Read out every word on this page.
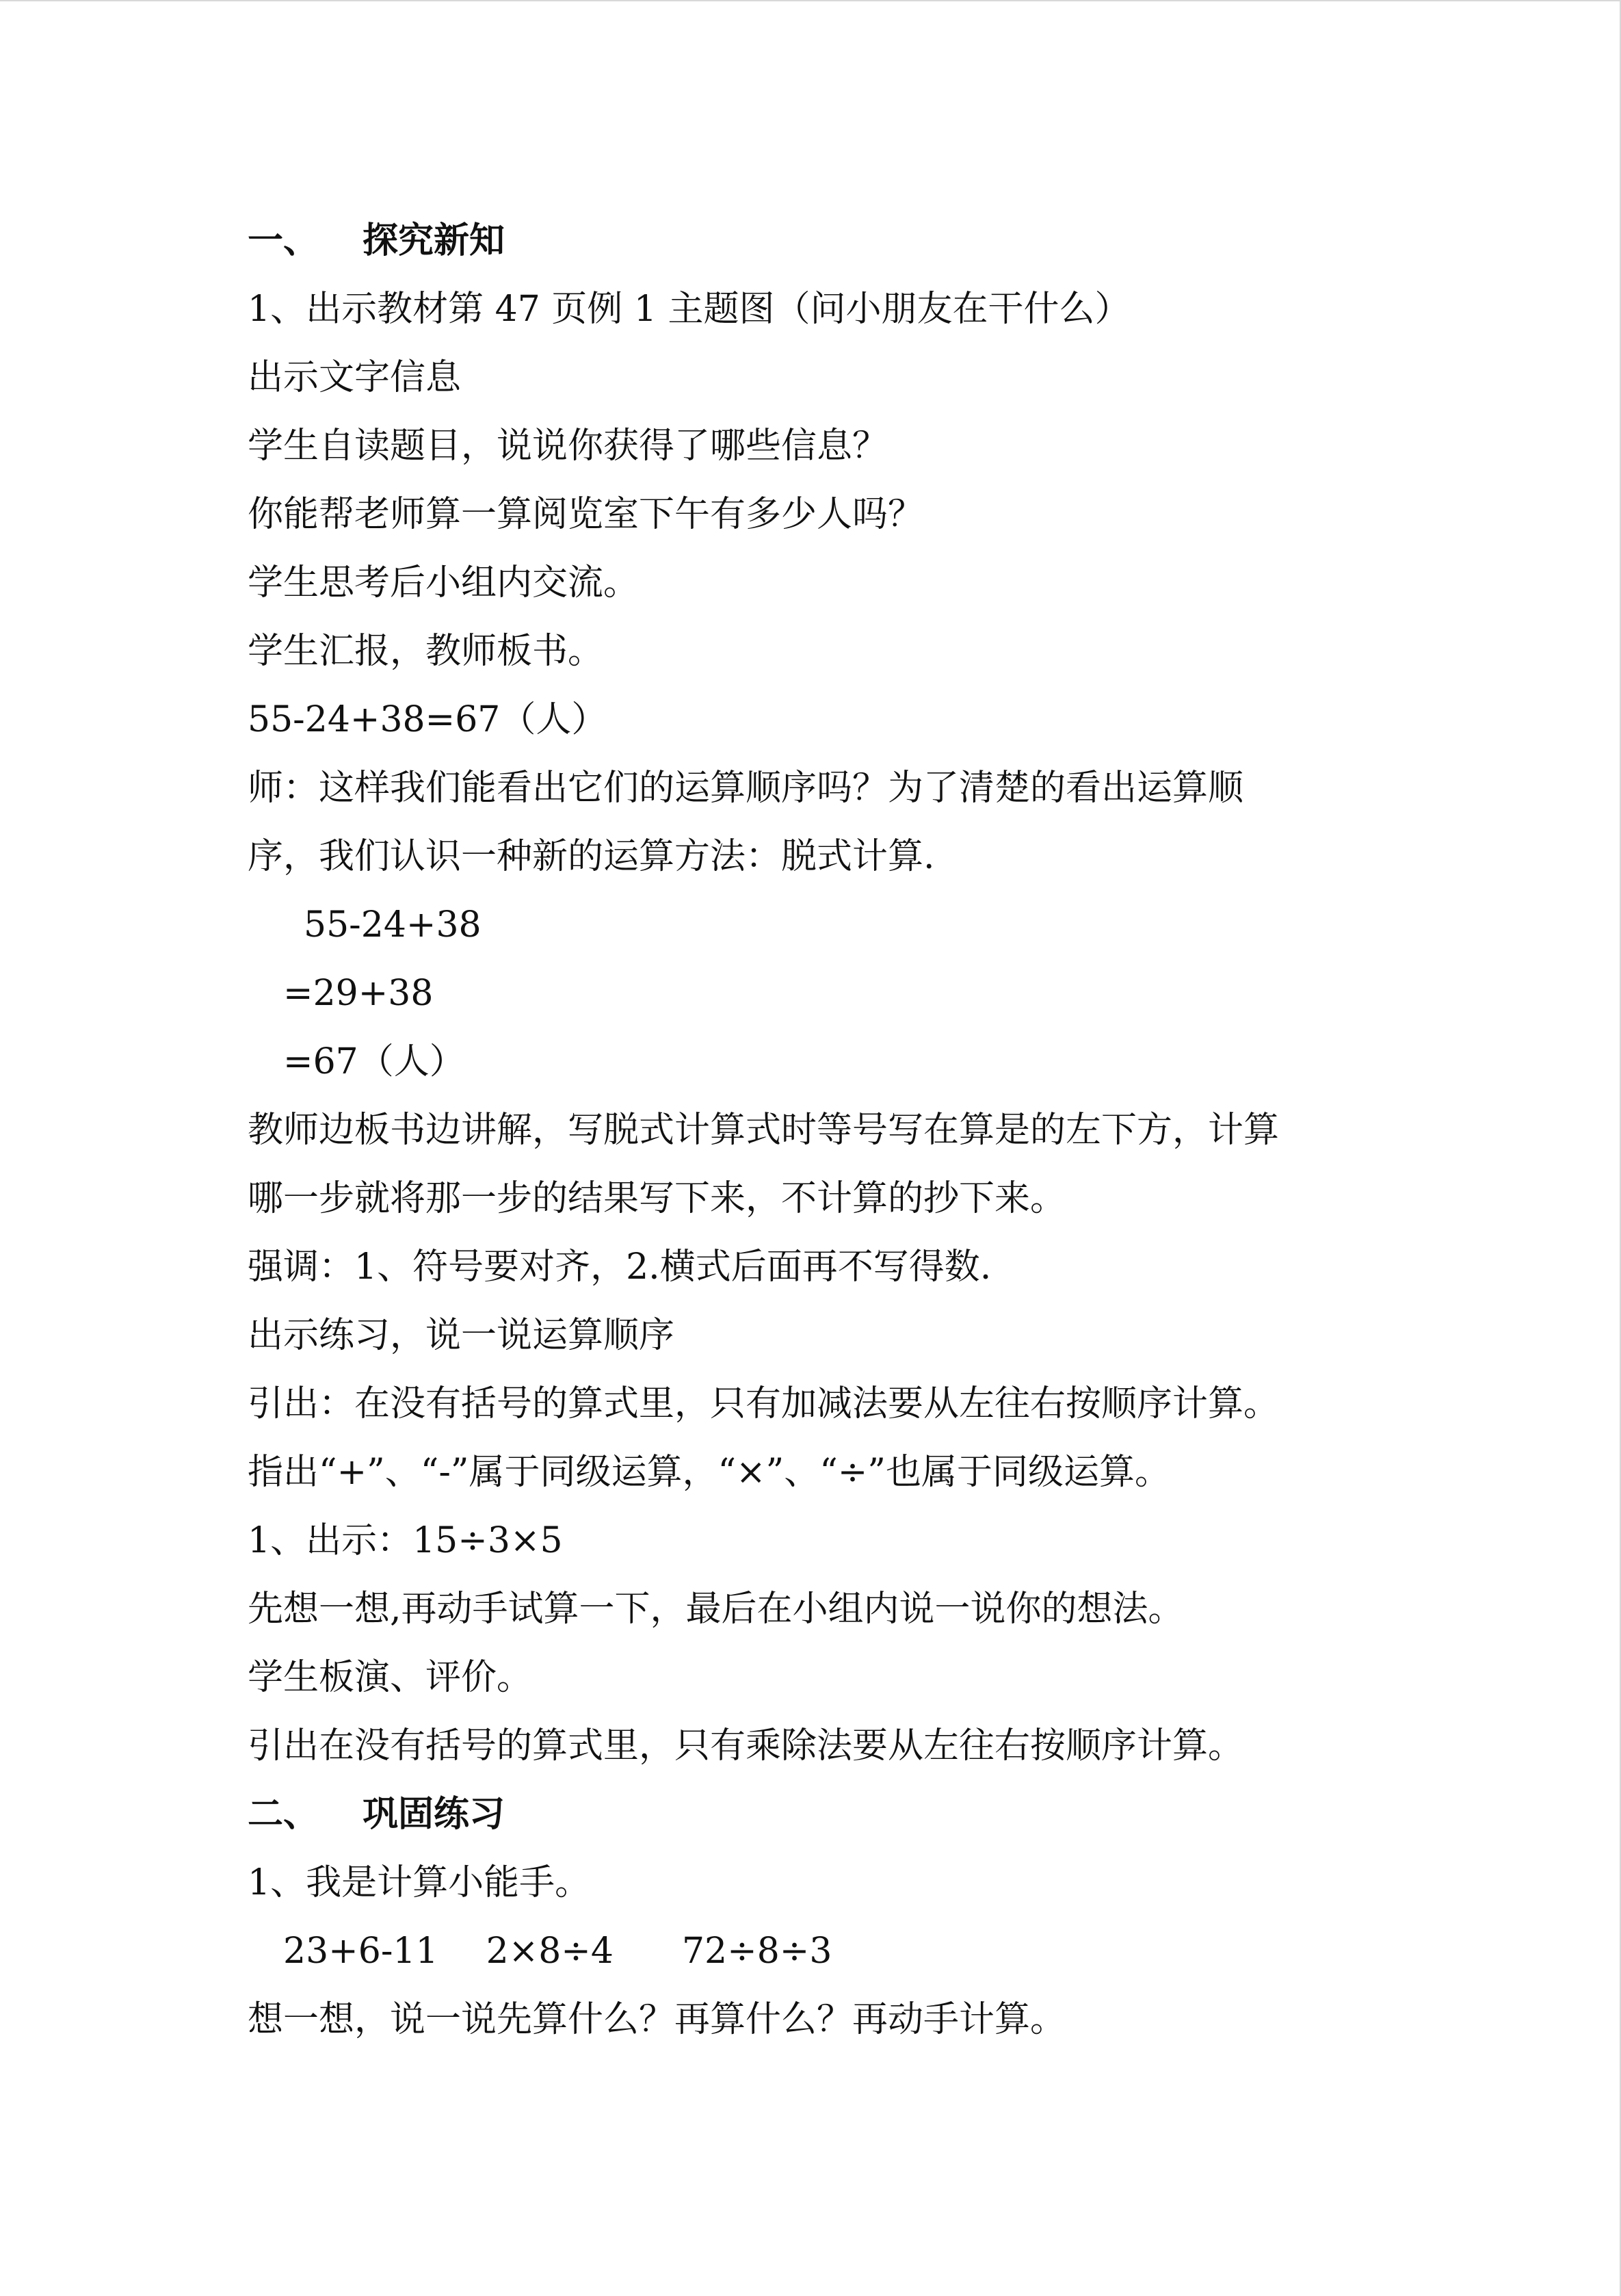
一、 探究新知
1、出示教材第 47 页例 1 主题图（问小朋友在干什么）
出示文字信息
学生自读题目，说说你获得了哪些信息？
你能帮老师算一算阅览室下午有多少人吗？
学生思考后小组内交流。
学生汇报，教师板书。
55-24+38=67（人）
师：这样我们能看出它们的运算顺序吗？为了清楚的看出运算顺
序，我们认识一种新的运算方法：脱式计算.
55-24+38
=29+38
=67（人）
教师边板书边讲解，写脱式计算式时等号写在算是的左下方，计算
哪一步就将那一步的结果写下来，不计算的抄下来。
强调：1、符号要对齐，2.横式后面再不写得数.
出示练习，说一说运算顺序
引出：在没有括号的算式里，只有加减法要从左往右按顺序计算。
指出“+”、“-”属于同级运算，“×”、“÷”也属于同级运算。
1、出示：15÷3×5
先想一想,再动手试算一下，最后在小组内说一说你的想法。
学生板演、评价。
引出在没有括号的算式里，只有乘除法要从左往右按顺序计算。
二、 巩固练习
1、我是计算小能手。
23+6-11 2×8÷4 72÷8÷3
想一想，说一说先算什么？再算什么？再动手计算。
